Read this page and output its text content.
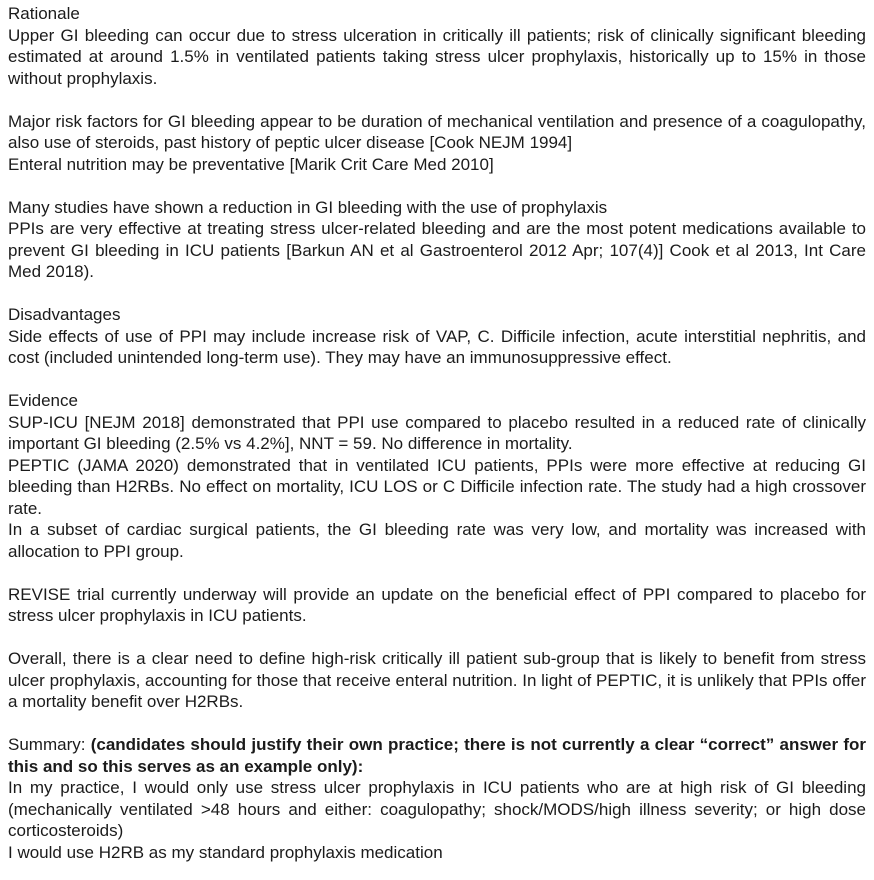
Rationale

Upper GI bleeding can occur due to stress ulceration in critically ill patients; risk of clinically significant bleeding estimated at around 1.5% in ventilated patients taking stress ulcer prophylaxis, historically up to 15% in those without prophylaxis.

Major risk factors for GI bleeding appear to be duration of mechanical ventilation and presence of a coagulopathy, also use of steroids, past history of peptic ulcer disease [Cook NEJM 1994]

Enteral nutrition may be preventative [Marik Crit Care Med 2010]

Many studies have shown a reduction in GI bleeding with the use of prophylaxis

PPIs are very effective at treating stress ulcer-related bleeding and are the most potent medications available to prevent GI bleeding in ICU patients [Barkun AN et al Gastroenterol 2012 Apr; 107(4)] Cook et al 2013, Int Care Med 2018).

Disadvantages

Side effects of use of PPI may include increase risk of VAP, C. Difficile infection, acute interstitial nephritis, and cost (included unintended long-term use). They may have an immunosuppressive effect.

Evidence

SUP-ICU [NEJM 2018] demonstrated that PPI use compared to placebo resulted in a reduced rate of clinically important GI bleeding (2.5% vs 4.2%], NNT = 59. No difference in mortality.

PEPTIC (JAMA 2020) demonstrated that in ventilated ICU patients, PPIs were more effective at reducing GI bleeding than H2RBs. No effect on mortality, ICU LOS or C Difficile infection rate. The study had a high crossover rate.

In a subset of cardiac surgical patients, the GI bleeding rate was very low, and mortality was increased with allocation to PPI group.

REVISE trial currently underway will provide an update on the beneficial effect of PPI compared to placebo for stress ulcer prophylaxis in ICU patients.

Overall, there is a clear need to define high-risk critically ill patient sub-group that is likely to benefit from stress ulcer prophylaxis, accounting for those that receive enteral nutrition. In light of PEPTIC, it is unlikely that PPIs offer a mortality benefit over H2RBs.

Summary: (candidates should justify their own practice; there is not currently a clear “correct” answer for this and so this serves as an example only):

In my practice, I would only use stress ulcer prophylaxis in ICU patients who are at high risk of GI bleeding (mechanically ventilated >48 hours and either: coagulopathy; shock/MODS/high illness severity; or high dose corticosteroids)

I would use H2RB as my standard prophylaxis medication
